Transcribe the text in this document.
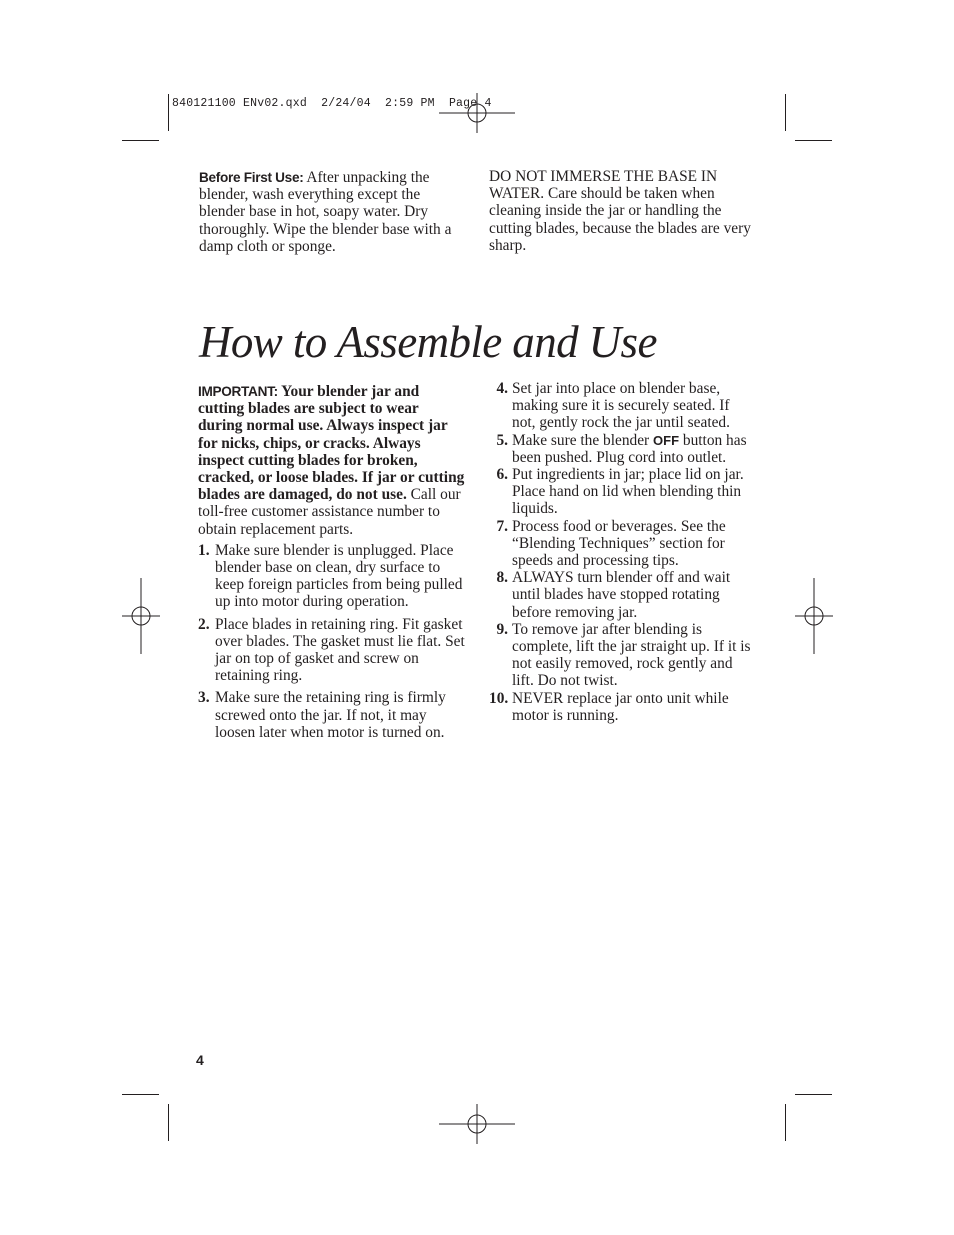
840121100 ENv02.qxd  2/24/04  2:59 PM  Page 4
Before First Use: After unpacking the blender, wash everything except the blender base in hot, soapy water. Dry thoroughly. Wipe the blender base with a damp cloth or sponge.
DO NOT IMMERSE THE BASE IN WATER. Care should be taken when cleaning inside the jar or handling the cutting blades, because the blades are very sharp.
How to Assemble and Use
IMPORTANT: Your blender jar and cutting blades are subject to wear during normal use. Always inspect jar for nicks, chips, or cracks. Always inspect cutting blades for broken, cracked, or loose blades. If jar or cutting blades are damaged, do not use. Call our toll-free customer assistance number to obtain replacement parts.
1. Make sure blender is unplugged. Place blender base on clean, dry surface to keep foreign particles from being pulled up into motor during operation.
2. Place blades in retaining ring. Fit gasket over blades. The gasket must lie flat. Set jar on top of gasket and screw on retaining ring.
3. Make sure the retaining ring is firmly screwed onto the jar. If not, it may loosen later when motor is turned on.
4. Set jar into place on blender base, making sure it is securely seated. If not, gently rock the jar until seated.
5. Make sure the blender OFF button has been pushed. Plug cord into outlet.
6. Put ingredients in jar; place lid on jar. Place hand on lid when blending thin liquids.
7. Process food or beverages. See the “Blending Techniques” section for speeds and processing tips.
8. ALWAYS turn blender off and wait until blades have stopped rotating before removing jar.
9. To remove jar after blending is complete, lift the jar straight up. If it is not easily removed, rock gently and lift. Do not twist.
10. NEVER replace jar onto unit while motor is running.
4
